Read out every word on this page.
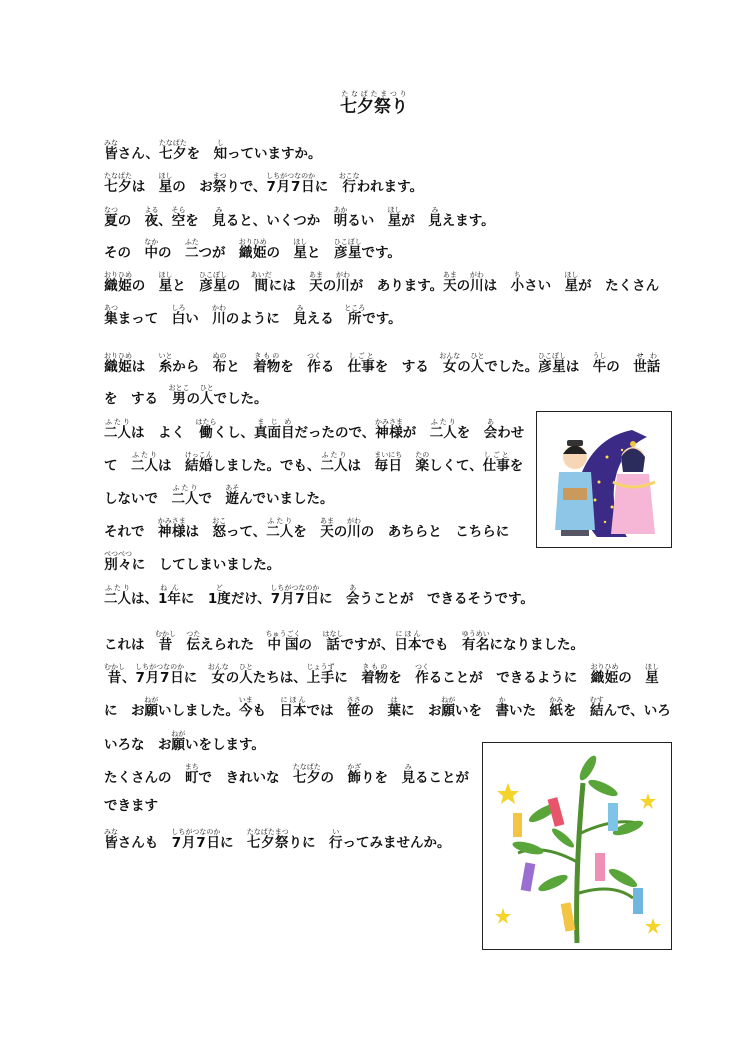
七夕祭りたなばたまつり
皆みなさん、七夕たなばたを　知しっていますか。
七夕たなばたは　星ほしの　お祭まつりで、7月7日しちがつなのかに　行おこなわれます。
夏なつの　夜よる、空そらを　見みると、いくつか　明あかるい　星ほしが　見みえます。
その　中なかの　二ふたつが　織姫おりひめの　星ほしと　彦星ひこぼしです。
織姫おりひめの　星ほしと　彦星ひこぼしの　間あいだには　天あまの川がわが　あります。天あまの川がわは　小ちさい　星ほしが　たくさん
集あつまって　白しろい　川かわのように　見みえる　所ところです。
織姫おりひめは　糸いとから　布ぬのと　着物きものを　作つくる　仕事しごとを　する　女おんなの人ひとでした。彦星ひこぼしは　牛うしの　世話せわ
を　する　男おとこの人ひとでした。
二人ふたりは　よく　働はたらくし、真面目まじめだったので、神様かみさまが　二人ふたりを　会あわせ
て　二人ふたりは　結婚けっこんしました。でも、二人ふたりは　毎日まいにち　楽たのしくて、仕事しごとを
しないで　二人ふたりで　遊あそんでいました。
それで　神様かみさまは　怒おこって、二人ふたりを　天あまの川がわの　あちらと　こちらに
別々べつべつに　してしまいました。
二人ふたりは、1年ねんに　1度どだけ、7月7日しちがつなのかに　会あうことが　できるそうです。
これは　昔むかし　伝つたえられた　中国ちゅうごくの　話はなしですが、日本にほんでも　有名ゆうめいになりました。
昔むかし、7月7日しちがつなのかに　女おんなの人ひとたちは、上手じょうずに　着物きものを　作つくることが　できるように　織姫おりひめの　星ほし
に　お願ねがいしました。今いまも　日本にほんでは　笹ささの　葉はに　お願ねがいを　書かいた　紙かみを　結むすんで、いろ
いろな　お願ねがいをします。
たくさんの　町まちで　きれいな　七夕たなばたの　飾かざりを　見みることが
できます
皆みなさんも　7月7日しちがつなのかに　七夕祭たなばたまつりに　行いってみませんか。
